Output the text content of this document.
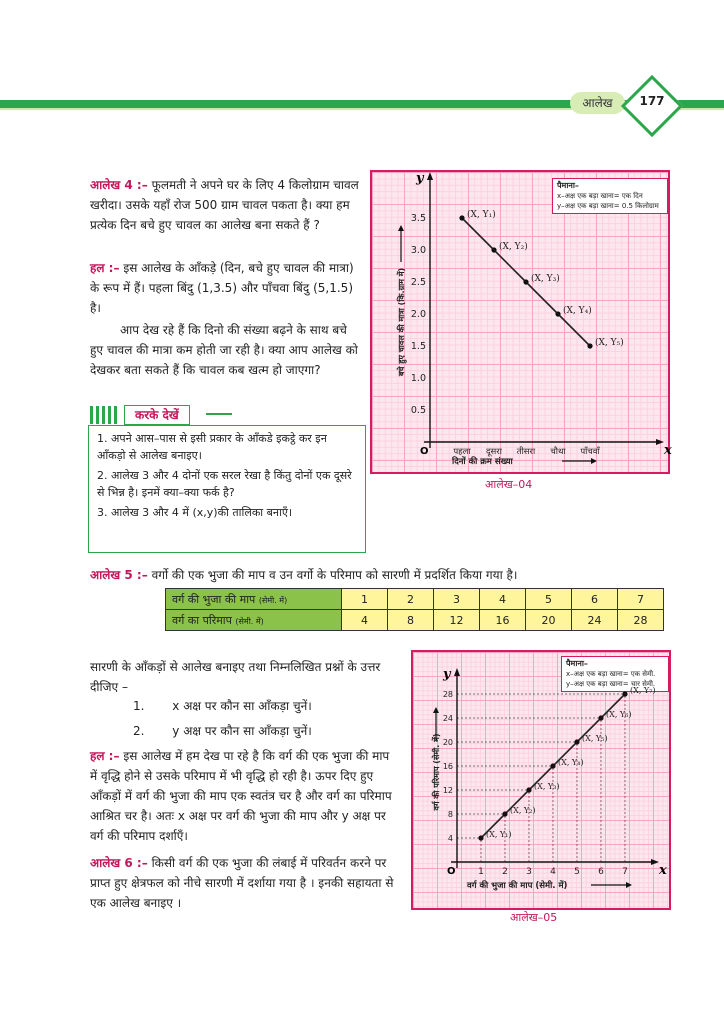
आलेख	177
आलेख 4 :– फूलमती ने अपने घर के लिए 4 किलोग्राम चावल खरीदा। उसके यहाँ रोज 500 ग्राम चावल पकता है। क्या हम प्रत्येक दिन बचे हुए चावल का आलेख बना सकते हैं ?
हल :– इस आलेख के आँकड़े (दिन, बचे हुए चावल की मात्रा) के रूप में हैं। पहला बिंदु (1,3.5) और पाँचवा बिंदु (5,1.5) है।
आप देख रहे हैं कि दिनो की संख्या बढ़ने के साथ बचे हुए चावल की मात्रा कम होती जा रही है। क्या आप आलेख को देखकर बता सकते हैं कि चावल कब खत्म हो जाएगा?
करके देखें
1. अपने आस–पास से इसी प्रकार के आँकडे इकट्ठे कर इन आँकड़ो से आलेख बनाइए।
2. आलेख 3 और 4 दोनों एक सरल रेखा है किंतु दोनों एक दूसरे से भिन्न है। इनमें क्या–क्या फर्क है?
3. आलेख 3 और 4 में (x,y)की तालिका बनाएँ।
पैमाना–
x–अक्ष एक बड़ा खाना= एक दिन
y–अक्ष एक बड़ा खाना= 0.5 किलोग्राम
x
y
O	पहला दूसरा तीसरा चौथा पाँचवाँ
0.5
1.0
1.5
2.0
2.5
3.0
3.5	(X, Y₁)
(X, Y₂)
(X, Y₃)
(X, Y₄)
(X, Y₅)
दिनों की क्रम संख्या
बचे हुए चावल की मात्रा (कि.ग्राम में)
आलेख–04
आलेख 5 :– वर्गो की एक भुजा की माप व उन वर्गो के परिमाप को सारणी में प्रदर्शित किया गया है।
वर्ग की भुजा की माप (सेमी. में)	1	2	3	4	5	6	7
वर्ग का परिमाप (सेमी. में)	4	8	12	16	20	24	28
सारणी के आँकड़ों से आलेख बनाइए तथा निम्नलिखित प्रश्नों के उत्तर दीजिए –
1. x अक्ष पर कौन सा आँकड़ा चुनें।
2. y अक्ष पर कौन सा आँकड़ा चुनें।
हल :– इस आलेख में हम देख पा रहे है कि वर्ग की एक भुजा की माप में वृद्धि होने से उसके परिमाप में भी वृद्धि हो रही है। ऊपर दिए हुए आँकड़ों में वर्ग की भुजा की माप एक स्वतंत्र चर है और वर्ग का परिमाप आश्रित चर है। अतः x अक्ष पर वर्ग की भुजा की माप और y अक्ष पर वर्ग की परिमाप दर्शाएँ।
आलेख 6 :– किसी वर्ग की एक भुजा की लंबाई में परिवर्तन करने पर प्राप्त हुए क्षेत्रफल को नीचे सारणी में दर्शाया गया है । इनकी सहायता से एक आलेख बनाइए ।
पैमाना–
x–अक्ष एक बड़ा खाना= एक सेमी.
y–अक्ष एक बड़ा खाना= चार सेमी.
x
y
O	1 2 3 4 5 6 7
4
8
12
16
20
24
28
(X, Y₁)
(X, Y₂)
(X, Y₃)
(X, Y₄)
(X, Y₅)
(X, Y₆)
(X, Y₇)
वर्ग की भुजा की माप (सेमी. में)
वर्ग की परिमाप (सेमी. में)
आलेख–05
